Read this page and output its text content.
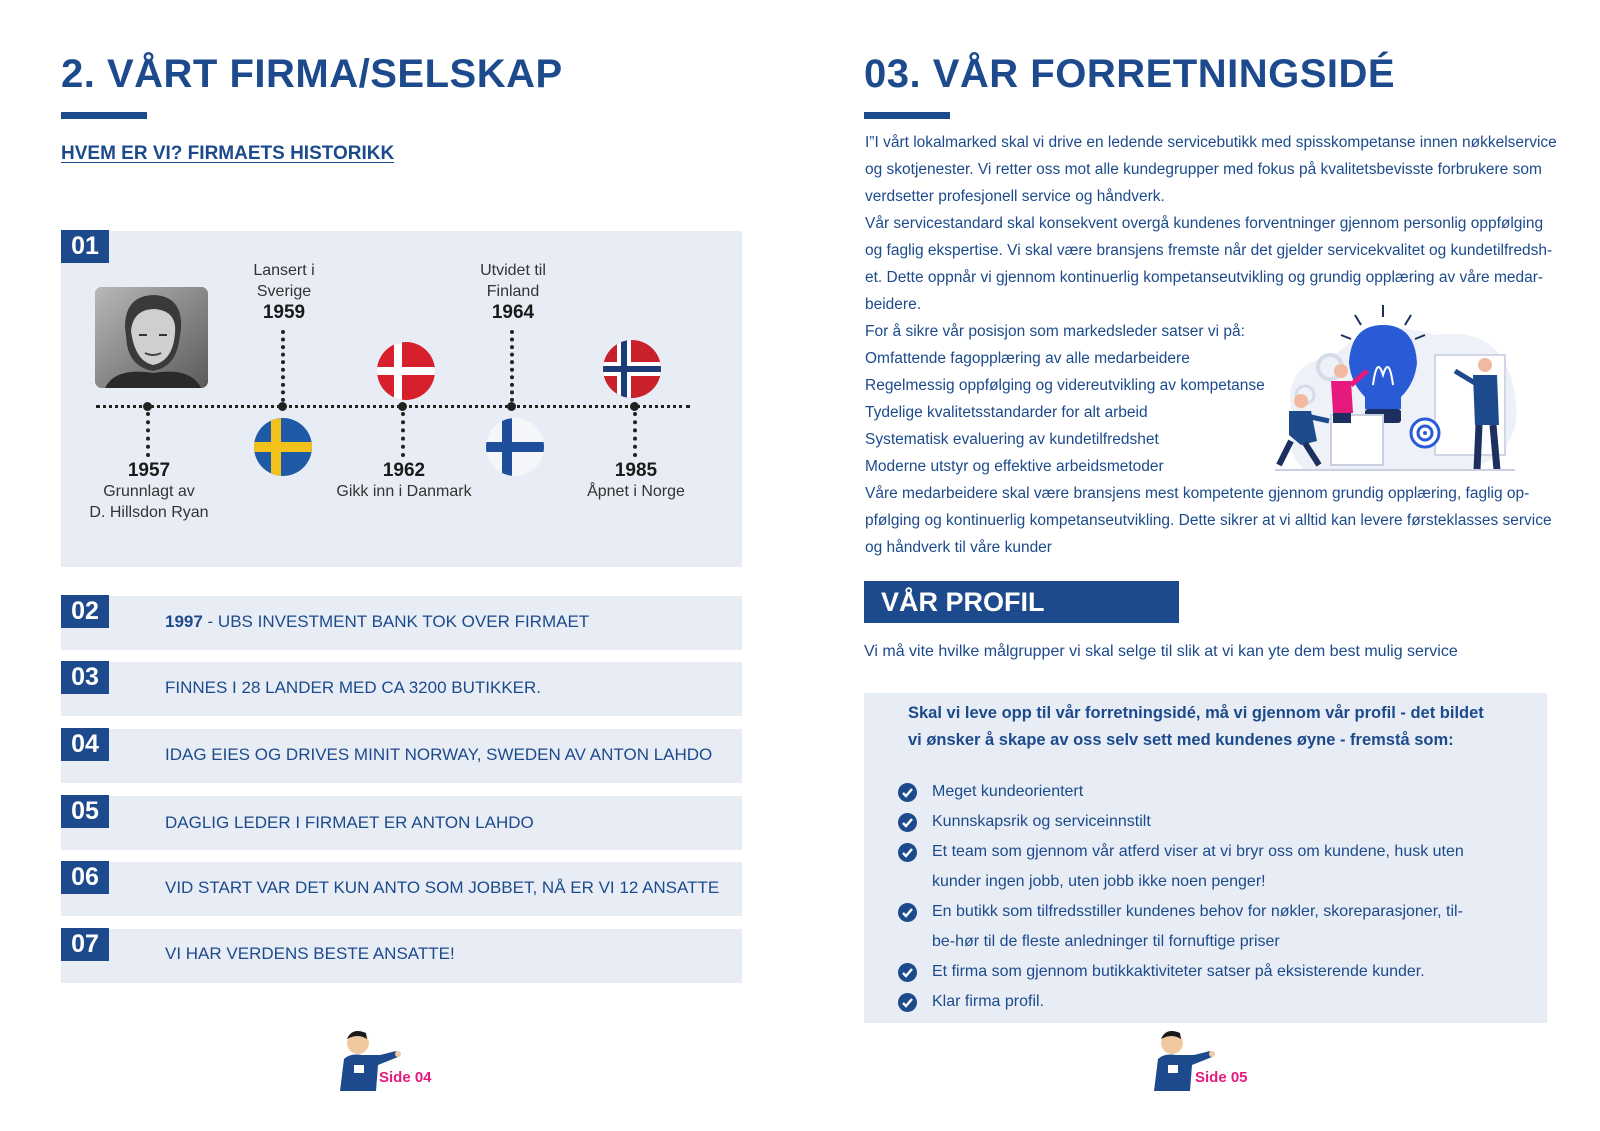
2. VÅRT FIRMA/SELSKAP
HVEM ER VI? FIRMAETS HISTORIKK
01
1957
Grunnlagt av
D. Hillsdon Ryan
Lansert i
Sverige
1959
1962
Gikk inn i Danmark
Utvidet til
Finland
1964
1985
Åpnet i Norge
02	1997 - UBS INVESTMENT BANK TOK OVER FIRMAET
03	FINNES I 28 LANDER MED CA 3200 BUTIKKER.
04	IDAG EIES OG DRIVES MINIT NORWAY, SWEDEN AV ANTON LAHDO
05	DAGLIG LEDER I FIRMAET ER ANTON LAHDO
06	VID START VAR DET KUN ANTO SOM JOBBET, NÅ ER VI 12 ANSATTE
07	VI HAR VERDENS BESTE ANSATTE!
Side 04
03. VÅR FORRETNINGSIDÉ
I”I vårt lokalmarked skal vi drive en ledende servicebutikk med spisskompetanse innen nøkkelservice
og skotjenester. Vi retter oss mot alle kundegrupper med fokus på kvalitetsbevisste forbrukere som
verdsetter profesjonell service og håndverk.
Vår servicestandard skal konsekvent overgå kundenes forventninger gjennom personlig oppfølging
og faglig ekspertise. Vi skal være bransjens fremste når det gjelder servicekvalitet og kundetilfredsh-
et. Dette oppnår vi gjennom kontinuerlig kompetanseutvikling og grundig opplæring av våre medar-
beidere.
For å sikre vår posisjon som markedsleder satser vi på:
Omfattende fagopplæring av alle medarbeidere
Regelmessig oppfølging og videreutvikling av kompetanse
Tydelige kvalitetsstandarder for alt arbeid
Systematisk evaluering av kundetilfredshet
Moderne utstyr og effektive arbeidsmetoder
Våre medarbeidere skal være bransjens mest kompetente gjennom grundig opplæring, faglig op-
pfølging og kontinuerlig kompetanseutvikling. Dette sikrer at vi alltid kan levere førsteklasses service
og håndverk til våre kunder
VÅR PROFIL
Vi må vite hvilke målgrupper vi skal selge til slik at vi kan yte dem best mulig service
Skal vi leve opp til vår forretningsidé, må vi gjennom vår profil - det bildet
vi ønsker å skape av oss selv sett med kundenes øyne - fremstå som:
Meget kundeorientert
Kunnskapsrik og serviceinnstilt
Et team som gjennom vår atferd viser at vi bryr oss om kundene, husk uten
kunder ingen jobb, uten jobb ikke noen penger!
En butikk som tilfredsstiller kundenes behov for nøkler, skoreparasjoner, til-
be-hør til de fleste anledninger til fornuftige priser
Et firma som gjennom butikkaktiviteter satser på eksisterende kunder.
Klar firma profil.
Side 05
